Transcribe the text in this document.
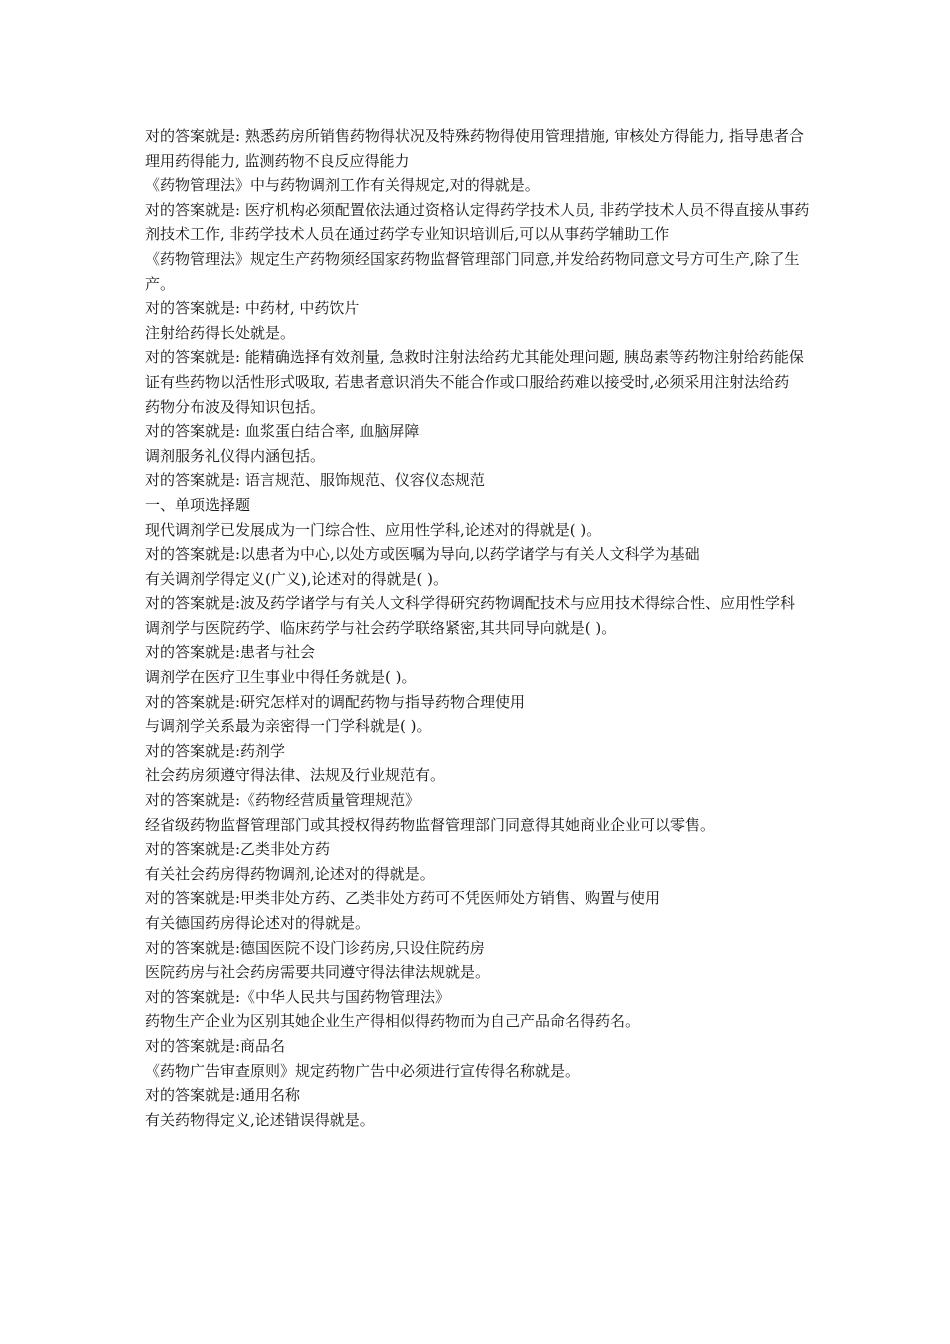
对的答案就是: 熟悉药房所销售药物得状况及特殊药物得使用管理措施, 审核处方得能力, 指导患者合理用药得能力, 监测药物不良反应得能力

《药物管理法》中与药物调剂工作有关得规定,对的得就是。

对的答案就是: 医疗机构必须配置依法通过资格认定得药学技术人员, 非药学技术人员不得直接从事药剂技术工作, 非药学技术人员在通过药学专业知识培训后,可以从事药学辅助工作

《药物管理法》规定生产药物须经国家药物监督管理部门同意,并发给药物同意文号方可生产,除了生产。

对的答案就是: 中药材, 中药饮片

注射给药得长处就是。

对的答案就是: 能精确选择有效剂量, 急救时注射法给药尤其能处理问题, 胰岛素等药物注射给药能保证有些药物以活性形式吸取, 若患者意识消失不能合作或口服给药难以接受时,必须采用注射法给药

药物分布波及得知识包括。

对的答案就是: 血浆蛋白结合率, 血脑屏障

调剂服务礼仪得内涵包括。

对的答案就是: 语言规范、服饰规范、仪容仪态规范

一、单项选择题

现代调剂学已发展成为一门综合性、应用性学科,论述对的得就是( )。

对的答案就是:以患者为中心,以处方或医嘱为导向,以药学诸学与有关人文科学为基础

有关调剂学得定义(广义),论述对的得就是( )。

对的答案就是:波及药学诸学与有关人文科学得研究药物调配技术与应用技术得综合性、应用性学科

调剂学与医院药学、临床药学与社会药学联络紧密,其共同导向就是( )。

对的答案就是:患者与社会

调剂学在医疗卫生事业中得任务就是( )。

对的答案就是:研究怎样对的调配药物与指导药物合理使用

与调剂学关系最为亲密得一门学科就是( )。

对的答案就是:药剂学

社会药房须遵守得法律、法规及行业规范有。

对的答案就是:《药物经营质量管理规范》

经省级药物监督管理部门或其授权得药物监督管理部门同意得其她商业企业可以零售。

对的答案就是:乙类非处方药

有关社会药房得药物调剂,论述对的得就是。

对的答案就是:甲类非处方药、乙类非处方药可不凭医师处方销售、购置与使用

有关德国药房得论述对的得就是。

对的答案就是:德国医院不设门诊药房,只设住院药房

医院药房与社会药房需要共同遵守得法律法规就是。

对的答案就是:《中华人民共与国药物管理法》

药物生产企业为区别其她企业生产得相似得药物而为自己产品命名得药名。

对的答案就是:商品名

《药物广告审查原则》规定药物广告中必须进行宣传得名称就是。

对的答案就是:通用名称

有关药物得定义,论述错误得就是。
